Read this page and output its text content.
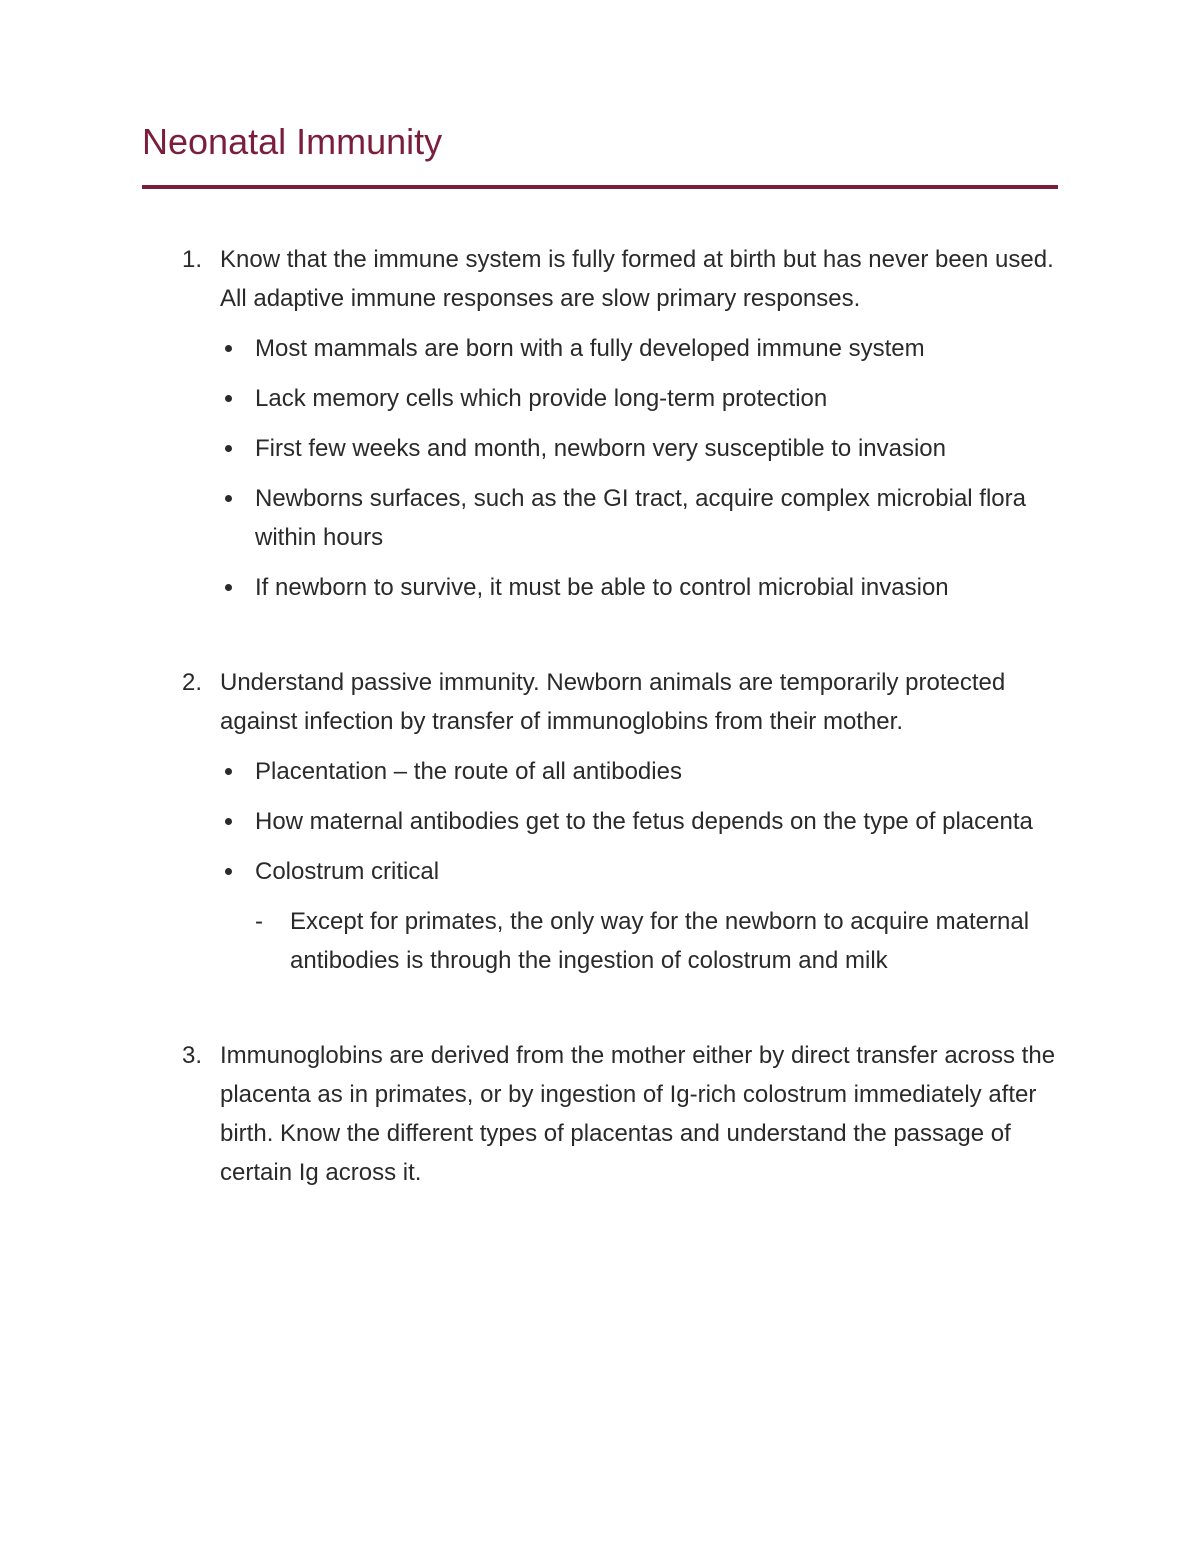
Neonatal Immunity
1. Know that the immune system is fully formed at birth but has never been used. All adaptive immune responses are slow primary responses.

Most mammals are born with a fully developed immune system
Lack memory cells which provide long-term protection
First few weeks and month, newborn very susceptible to invasion
Newborns surfaces, such as the GI tract, acquire complex microbial flora within hours
If newborn to survive, it must be able to control microbial invasion
2. Understand passive immunity. Newborn animals are temporarily protected against infection by transfer of immunoglobins from their mother.

Placentation – the route of all antibodies
How maternal antibodies get to the fetus depends on the type of placenta
Colostrum critical
- Except for primates, the only way for the newborn to acquire maternal antibodies is through the ingestion of colostrum and milk
3. Immunoglobins are derived from the mother either by direct transfer across the placenta as in primates, or by ingestion of Ig-rich colostrum immediately after birth. Know the different types of placentas and understand the passage of certain Ig across it.
